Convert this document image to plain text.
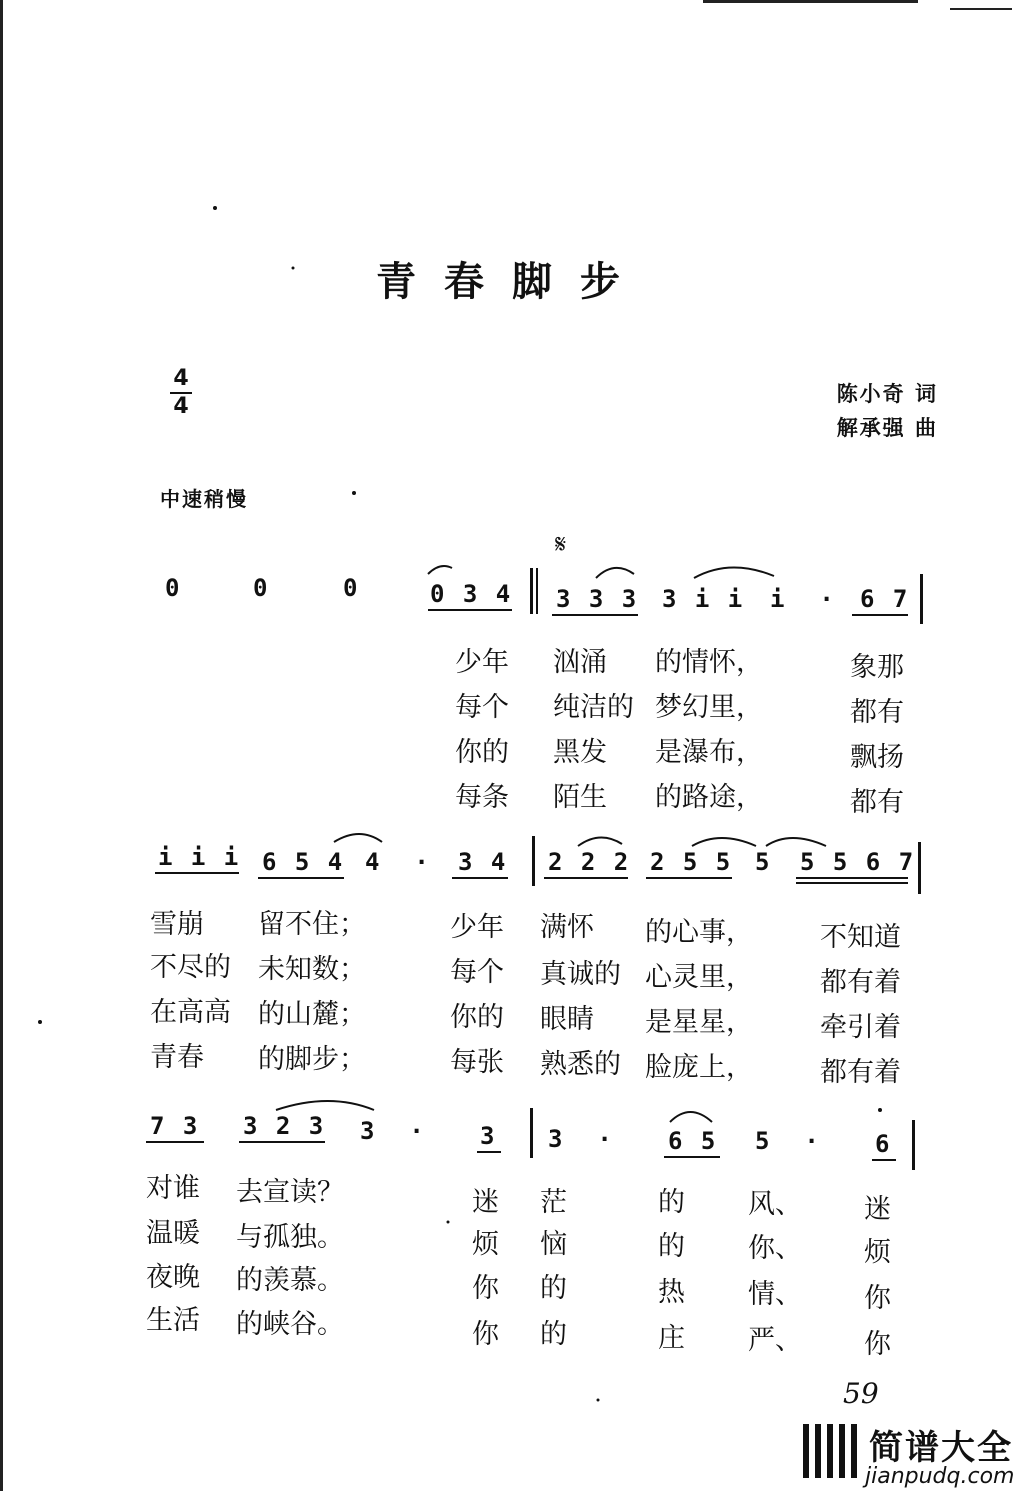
青春脚步
4
4	陈小奇 词
解承强 曲
中速稍慢
𝄋
0	0	0	0 3 4 3 3 3 3 i i i  · 6 7
少年 汹涌 的情怀，	象那
每个 纯洁的 梦幻里，	都有
你的 黑发 是瀑布，	飘扬
每条 陌生 的路途，	都有
i i i 6 5 4 4  · 3 4 2 2 2 2 5 5 5 5 5 6 7
雪崩 留不住；	少年 满怀 的心事， 不知道
不尽的 未知数；	每个 真诚的 心灵里， 都有着
在高高 的山麓；	你的 眼睛 是星星， 牵引着
青春 的脚步；	每张 熟悉的 脸庞上， 都有着
7 3 3 2 3 3  · 3 3  · 6 5 5  · 6
对谁 去宣读？	迷 茫	的 风、 迷
温暖 与孤独。	烦 恼	的 你、 烦
夜晚 的羡慕。	你 的	热 情、 你
生活 的峡谷。	你 的	庄 严、 你
59
简谱大全
jianpudq.com
